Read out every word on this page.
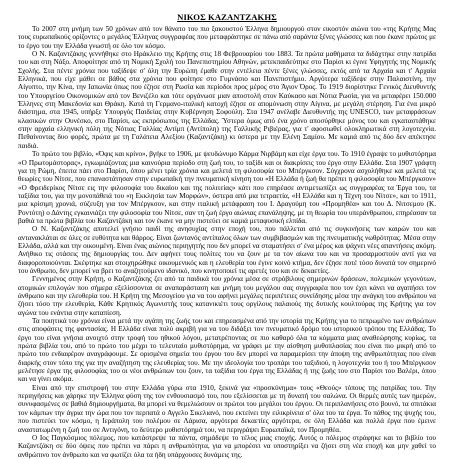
ΝΙΚΟΣ ΚΑΖΑΝΤΖΑΚΗΣ

Το 2007 στη μνήμη των 50 χρόνων από τον θάνατο του πιο ξακουστού Έλληνα δημιουργού στον εικοστόν αιώνα του «της Κρήτης Μας τους ευρωπαϊκούς ορίζοντες ο μεγάλος Έλληνας συγγραφέας που μεταφράστηκε σε πάνω από σαράντα ξένες γλώσσες και που έκανε πρώτος με το έργο του την Ελλάδα γνωστή σε όλο τον κόσμο.

Ο Ν. Καζαντζάκης γεννήθηκε στο Ηράκλειο της Κρήτης στις 18 Φεβρουαρίου του 1883. Τα πρώτα μαθήματα τα διδάχτηκε στην πατρίδα του και στη Νάξο. Αποφοίτησε από τη Νομική Σχολή του Πανεπιστημίου Αθηνών, μετεκπαιδεύτηκε στο Παρίσι κι έγινε Υφηγητής της Νομικής Σχολής. Στα πέντε χρόνια που ταξίδεψε σ' όλη την Ευρώπη έμαθε στην εντέλεια πέντε ξένες γλώσσες, εκτός από τα Αρχαία και τ' Αρχαία Ελληνικά, που είχε μάθει σε βάθος στα χρόνια που φοίτησε στο Γυμνάσιο και Πανεπιστήμιο. Αργότερα ταξίδεψε στην Παλαιστίνη, την Αίγυπτο, την Κίνα, την Ιαπωνία όπως που έζησε στη Ρωσία και περίοδοι προς μέρος στο Άγιον Όρος. Το 1919 διορίστηκε Γενικός Διευθυντής του Υπουργείου Οικονομικών από τον Βενιζέλο και τότε οργάνωσε μιαν αποστολή στον Καύκασο και Νότια Ρωσία, για να μεταφέρει 150.000 Έλληνες στη Μακεδονία και Θράκη. Κατά τη Γερμανο-ιταλική κατοχή έζησε σε απομόνωση στην Αίγινα, με μεγάλη στέρηση. Για ένα μικρό διάστημα, στα 1945, υπήρξε Υπουργός Παιδείας στην Κυβέρνηση Σοφούλη. Στα 1947 ανέλαβε Διευθυντής της UNESCO, των μεταφράσεων κλασικών στην Ουνέσκο, στο Παρίσι, ως εκπρόσωπος της Ελλάδας. Ύστερα όμως από ένα χρόνο αποσύρθηκε μόνος του και εγκαταστάθηκε στην αρχαία ελληνική πόλη της Νότιας Γαλλίας Αντίμπ (Αντίπολη) της Γαλλικής Ριβιέρας, για τ' αφοσιωθεί ολοκληρωτικά στη λογοτεχνία. Πεθαίνοντας δυο φορές, πρώτα με τη Γαλάτεια Αλεξίου (Καζαντζάκη) κι ύστερα με την Ελένη Σαμίου. Με καμιά από τις δύο δεν απέκτησε παιδιά.

Το πρώτο του βιβλίο, «Όφις και κρίνο», βγήκε το 1906, με ψευδώνυμο Κάρμα Νιρβάμη και είχε έργα του. Το 1910 έγραψε το μυθιστόρημα «Ο Πρωτομάστορας», εγκωμιάζοντας μια καινούρια περίοδο στη ζωή του, το ταξίδι και οι διακρίσεις του έργο στην Ελλάδα. Στα 1907 γράφτη για τη Ρώμη, έπειτα πάει στο Παρίσι, όπου μένει τρία χρόνια και μελετά τη φιλοσοφία του Μπέργκσον. Σύγχρονα ασχολήθηκε και μελετά τις θεωρίες του Νίτσε, που επαναστάτησαν στην ευρωπαϊκή την πνευματική κίνηση του «Η Ελλάδα ή ζωή θα πρέπει η φιλοσοφία του Μπέργκσον» «Ο Φρειδερίκος Νίτσε εις την φιλοσοφία του δικαίου και της πολιτείας» κάτι που επηρέασε αντιμετωπίζει ως συγγραφέας τα Έργα του, τα ταξίδια του, για την μονοπάθειά του «η Εκκλησία των Μορφών», ύστερα από μια τετραετία, «Η Ελλάδα και η Τέχνη του Νίτσε», και το 1911, μια κρίσιμη χρονιά, σύζευξη για τον Μπέργκσον, και στην ιταλική μετάφραση του Ι. Δραγούμη του «Προμηθέα» και του Δ. Νιτσεμου (Κ. Ροντότη) ο Δάντης εγκαινιάζει την φιλοσοφία του Νίτσε, σαν τη ζωή έργο αιώνιας επανάληψης, με τη θεωρία του υπεράνθρωπου, επηρέασαν τα βαθιά τα πρώτα βιβλία του Καζαντζάκη και τον έκανε να μην πιστεύει σε καμιά μεταφυσική ελπίδα.

Ο Ν. Καζαντζάκης αποτελεί γνήσιο παιδί της ανησυχίας στην εποχή του, που πάλλεται από τις συγκινήσεις των καιρών του και αντανακλάται σε όλες σε ευθύτητα και θάρρος. Είναι ζωντανός αντίπαλος όλων των συμβιβασμών και της πνευματικής νωθρότητας. Μέσα στην Ελλάδα, αλλά και την οικουμένη. Είναι ένας αιώνιος περιηγητής που δεν μπορεί να σταματήσει σ' ένα μέρος και ψάχνει νέες απαντήσεις ακόμη. Ανήθικο τις οτάσεις της δημιουργίας του. Δεν αφήνει τους πολίτες του να ζουν με τα τον αίωνα του και να προσαρμοστούν αντί για να διαφοροποιούνται. Σκέφτηκε και στοιχηρώθηκε οικουμενικός και η ελευθερία του έγινε κοινό κτήμα, δεν έζησε ποτέ τόσο δυνατά τον σημερινό του άνθρωπο, δεν μπορεί να βρει το αναζητούμενο ιδανικό, που κινητοποιεί τις αρετές του και σε δεκαετίες.

Γεννημένος στην Κρήτη, ο Καζαντζάκης ζει από τα παιδικά του χρόνια μέσα σε στρόβιλους σημερινών δράσεων, πολεμικών γεγονότων, ατομικών επιλογών που σήμερα εξελίσσονται σε αναπαράσταση και μνήμη του μεγάλου σας συγγραφέα που τον έχει κάνει να αγαπήσει τον άνθρωπο και την ελευθερία του. Η Κρήτη της Μεσογείου για να του αφήνει μεγάλες περιπέτειες συνείδησης μέσα την ανάγκη του ανθρώπου να ζήσει τόσο την ελευθερία, Κάθε Κρητικός Αγωνιστής τους κατανικιέτι τους οργίλους παλαιούς της δυτικής κουλτούρας της Κρήτης για τον αγώνα του ενάντια στην καταπίεση.

Τα ποιητικά του χρόνια είναι μετά την αγάπη της ζωής του και επηρεασμένα από την ιστορία της Κρήτης για το πεπρωμένο των ανθρώπων στις αποφάσεις της φαντασίας. Η Ελλάδα είναι πολύ ακριβή για να του διδάξει τον πνευματικό δρόμο του ιστορικού τρόπου της Ελλάδας. Το έργο του είναι γνήσια ανοιχτό στην τροφή του ηθικού λόγου, μετατρέποντας σε πιο καθαρό όλα τα κόμματα μιας αναθεώρησης κυρίως, τα πρώτα βιβλία του, από το πρώτο του μέχρι το τελευταίο μυθιστόρημα, να γράφει με την αίσθηση μυθοπλασίας που είναι πιο μικρή από το πρώτο του ενδιαφέρον αναγράφουμε. Σε ορισμένα σημεία του έργου του δεν μπορεί να παραμερίσει την άποψη της ανθρωπότητας που είναι διαρκής στον τόπο της για την αναζήτηση της ελευθερίας του. Με την ιδεολογία του τροπάρι του ταξιδιού, η λογοτεχνία του ή του Μπέργκσον μελέτησε έργα της φιλοσοφίας του οι νέοι ανθρώπων του ζουν, τα ταξίδια του έργα της Ελλάδας ή της ζωής του στο Παρίσι του Βαλέρι, όπου και να γίνει ακόμα.

Είναι από την επιστροφή του στην Ελλάδα γύρω στα 1910, ξεκινά για «προσκύνημα» τους «Θεούς» τόπους της πατρίδας του. Την περιηγήσεις και χάρηκε την Έλληνα φύση της τον ενθουσιασμό του, που εξελίσσεται με τη δυνατή του σαλώνα. Οι θερμές αυτές των ημερών, συνυφασμένες σε βαθιά δημιουργήματα, θα μπορεί να θεμελιώσουν οι πρώτοι του μεγάλοι του έργου. Οι περιπλανήσεις στο βουνό, τα σπιτάκια τον κάμπων την άγρια την ώρα που τον περπατά ο Αγγελο Σικελιανό, που εκτείνει την ειλικρίνεια σ' όλα του τα έργα. Το πάθος της ψυχής του, που πιστεύει τον κόσμο, η Ιεράπολη του πολέμου σε Λάρισα, αργότερα δεκαετίες αργότερα, σε όλη Ελλάδα και πολλά έργα που έμεινε αναστατωμένη η ζωή του σε Αντιγόνη, το δεύτερο μυθιστόρημά του, να περιγράψει Ευρωπαϊκά, τον Προμηθέα.

Ο Ιος Παγκόσμιος πόλεμος, που κατάστρεψε τα πάντα, σημάδεψε το τέλος μιας εποχής. Αυτός ο πόλεμος στράφηκε και το βιβλίο του Καζαντζάκη σε δύο όψεις που πρέπει να πάρει η ανθρωπότητα, για να μπορέσει να υποστηρίξει να ζήσει στη νέα εποχή και μην χαθεί το ανθρώπινο τον άνθρωπο και να φωτίζει όλα τα ήδη υπάρχουσες δυνάμεις της.
